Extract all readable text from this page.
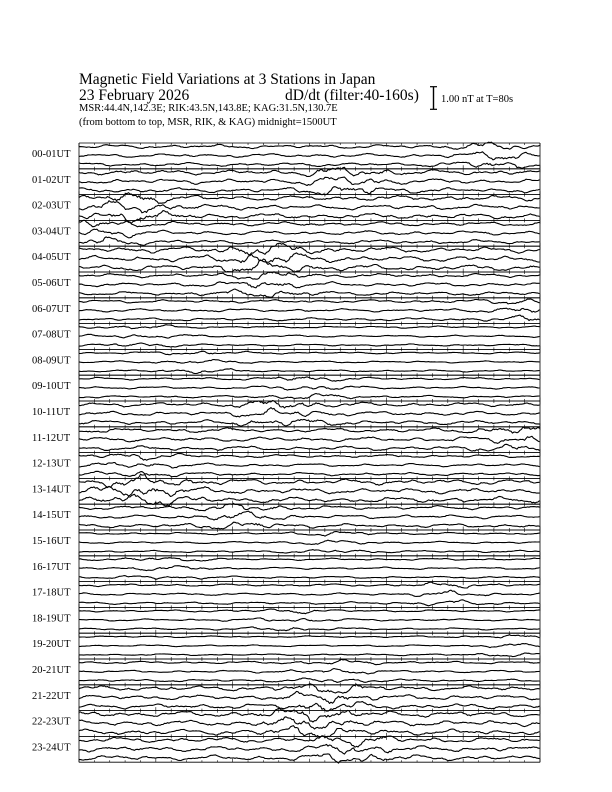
Magnetic Field Variations at 3 Stations in Japan
23 February 2026	dD/dt (filter:40-160s)
MSR:44.4N,142.3E; RIK:43.5N,143.8E; KAG:31.5N,130.7E
(from bottom to top, MSR, RIK, & KAG) midnight=1500UT
1.00 nT at T=80s
00-01UT
01-02UT
02-03UT
03-04UT
04-05UT
05-06UT
06-07UT
07-08UT
08-09UT
09-10UT
10-11UT
11-12UT
12-13UT
13-14UT
14-15UT
15-16UT
16-17UT
17-18UT
18-19UT
19-20UT
20-21UT
21-22UT
22-23UT
23-24UT
